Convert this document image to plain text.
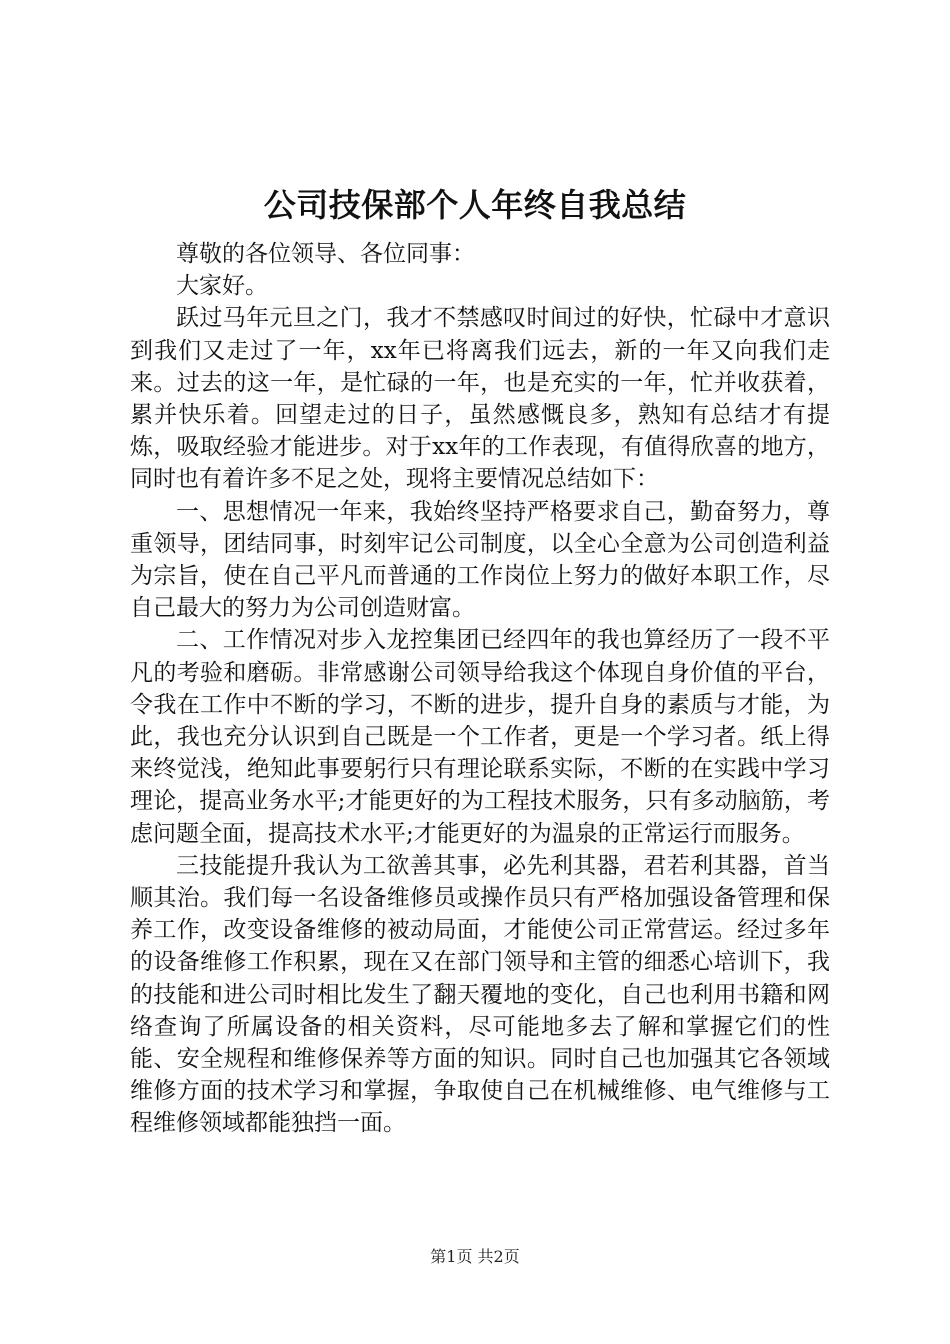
公司技保部个人年终自我总结

尊敬的各位领导、各位同事：

大家好。

跃过马年元旦之门，我才不禁感叹时间过的好快，忙碌中才意识到我们又走过了一年，xx年已将离我们远去，新的一年又向我们走来。过去的这一年，是忙碌的一年，也是充实的一年，忙并收获着，累并快乐着。回望走过的日子，虽然感慨良多，熟知有总结才有提炼，吸取经验才能进步。对于xx年的工作表现，有值得欣喜的地方，同时也有着许多不足之处，现将主要情况总结如下：

一、思想情况一年来，我始终坚持严格要求自己，勤奋努力，尊重领导，团结同事，时刻牢记公司制度，以全心全意为公司创造利益为宗旨，使在自己平凡而普通的工作岗位上努力的做好本职工作，尽自己最大的努力为公司创造财富。

二、工作情况对步入龙控集团已经四年的我也算经历了一段不平凡的考验和磨砺。非常感谢公司领导给我这个体现自身价值的平台，令我在工作中不断的学习，不断的进步，提升自身的素质与才能，为此，我也充分认识到自己既是一个工作者，更是一个学习者。纸上得来终觉浅，绝知此事要躬行只有理论联系实际，不断的在实践中学习理论，提高业务水平;才能更好的为工程技术服务，只有多动脑筋，考虑问题全面，提高技术水平;才能更好的为温泉的正常运行而服务。

三技能提升我认为工欲善其事，必先利其器，君若利其器，首当顺其治。我们每一名设备维修员或操作员只有严格加强设备管理和保养工作，改变设备维修的被动局面，才能使公司正常营运。经过多年的设备维修工作积累，现在又在部门领导和主管的细悉心培训下，我的技能和进公司时相比发生了翻天覆地的变化，自己也利用书籍和网络查询了所属设备的相关资料，尽可能地多去了解和掌握它们的性能、安全规程和维修保养等方面的知识。同时自己也加强其它各领域维修方面的技术学习和掌握，争取使自己在机械维修、电气维修与工程维修领域都能独挡一面。

第1页 共2页
